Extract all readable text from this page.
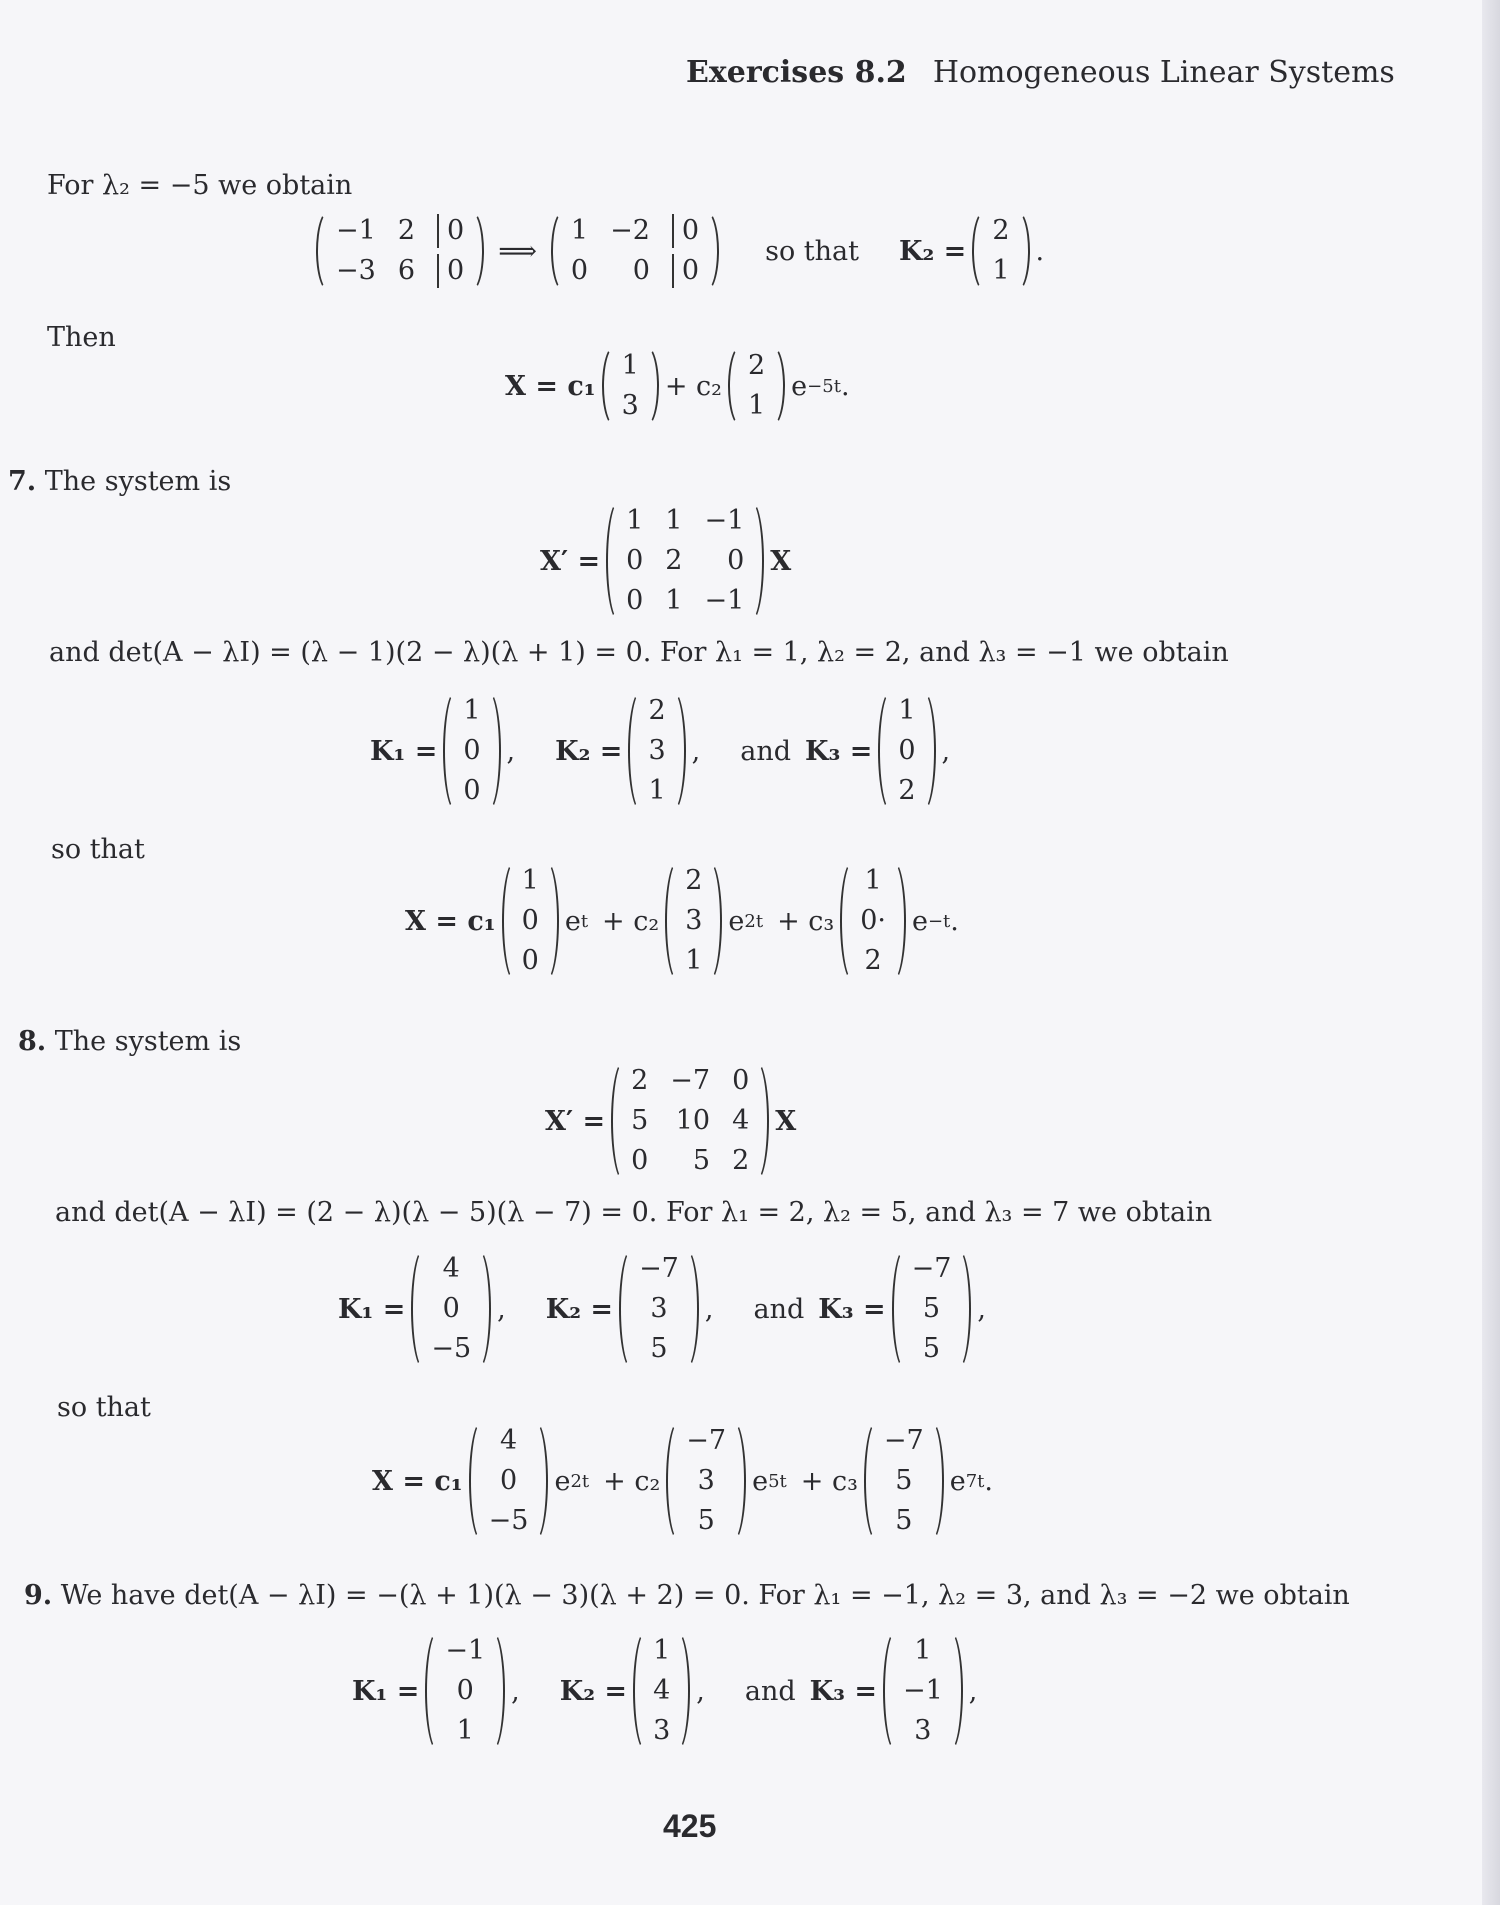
Exercises 8.2 Homogeneous Linear Systems
For λ₂ = −5 we obtain
−1 2	0
−3 6	0
⟹
1 −2	0
0	0	0
so that K₂ =
2
1
.
Then
X = c₁
1
3
+ c₂
2
1
e −5t .
7. The system is
X′ =
1 1 −1
0 2	0
0 1 −1
X
and det(A − λI) = (λ − 1)(2 − λ)(λ + 1) = 0. For λ₁ = 1, λ₂ = 2, and λ₃ = −1 we obtain
K₁ =
1
0
0
, K₂ =
2
3
1
, and K₃ =
1
0
2
,
so that
X = c₁
1
0
0
e t + c₂
2
3
1
e 2t + c₃
1
0·
2
e −t .
8. The system is
X′ =
2 −7 0
5 10 4
0	5 2
X
and det(A − λI) = (2 − λ)(λ − 5)(λ − 7) = 0. For λ₁ = 2, λ₂ = 5, and λ₃ = 7 we obtain
K₁ =
4
0
−5
, K₂ =
−7
3
5
, and K₃ =
−7
5
5
,
so that
X = c₁
4
0
−5
e 2t + c₂
−7
3
5
e 5t + c₃
−7
5
5
e 7t .
9. We have det(A − λI) = −(λ + 1)(λ − 3)(λ + 2) = 0. For λ₁ = −1, λ₂ = 3, and λ₃ = −2 we obtain
K₁ =
−1
0
1
, K₂ =
1
4
3
, and K₃ =
1
−1
3
,
425
